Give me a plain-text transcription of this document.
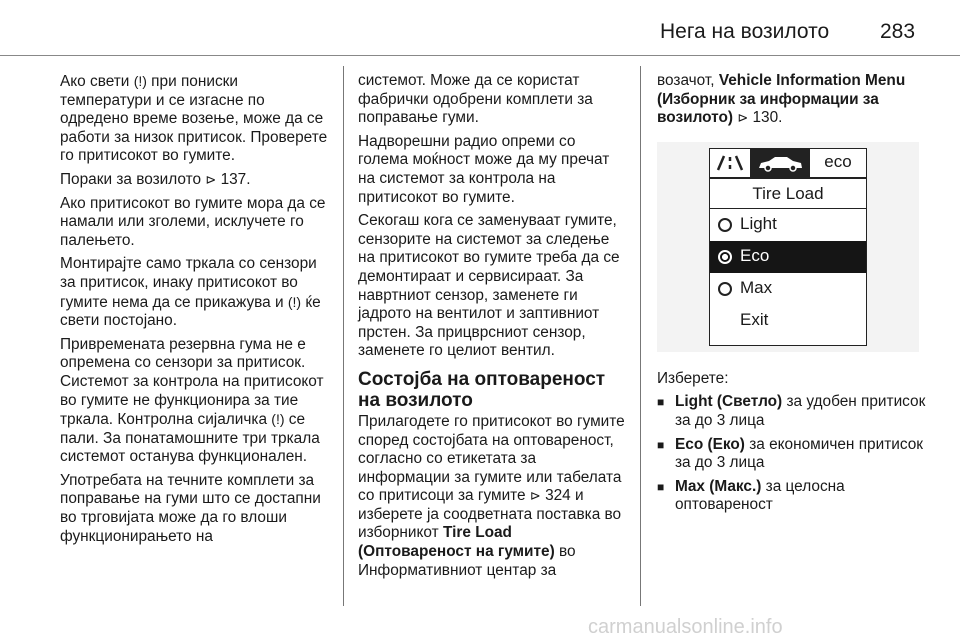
Нега на возилото 283

Ако свети (!) при пониски температури и се изгасне по одредено време возење, може да се работи за низок притисок. Проверете го притисокот во гумите.

Пораки за возилото ⊳ 137.

Ако притисокот во гумите мора да се намали или зголеми, исклучете го палењето.

Монтирајте само тркала со сензори за притисок, инаку притисокот во гумите нема да се прикажува и (!) ќе свети постојано.

Привремената резервна гума не е опремена со сензори за притисок. Системот за контрола на притисокот во гумите не функционира за тие тркала. Контролна сијаличка (!) се пали. За понатамошните три тркала системот останува функционален.

Употребата на течните комплети за поправање на гуми што се достапни во трговијата може да го влоши функционирањето на

системот. Може да се користат фабрички одобрени комплети за поправање гуми.

Надворешни радио опреми со голема моќност може да му пречат на системот за контрола на притисокот во гумите.

Секогаш кога се заменуваат гумите, сензорите на системот за следење на притисокот во гумите треба да се демонтираат и сервисираат. За навртниот сензор, заменете ги јадрото на вентилот и заптивниот прстен. За прицврсниот сензор, заменете го целиот вентил.

Состојба на оптовареност на возилото

Прилагодете го притисокот во гумите според состојбата на оптовареност, согласно со етикетата за информации за гумите или табелата со притисоци за гумите ⊳ 324 и изберете ја соодветната поставка во изборникот Tire Load (Оптовареност на гумите) во Информативниот центар за

возачот, Vehicle Information Menu (Изборник за информации за возилото) ⊳ 130.

eco
Tire Load
Light
Eco
Max
Exit

Изберете:

■ Light (Светло) за удобен притисок за до 3 лица
■ Eco (Еко) за економичен притисок за до 3 лица
■ Max (Макс.) за целосна оптовареност
carmanualsonline.info
